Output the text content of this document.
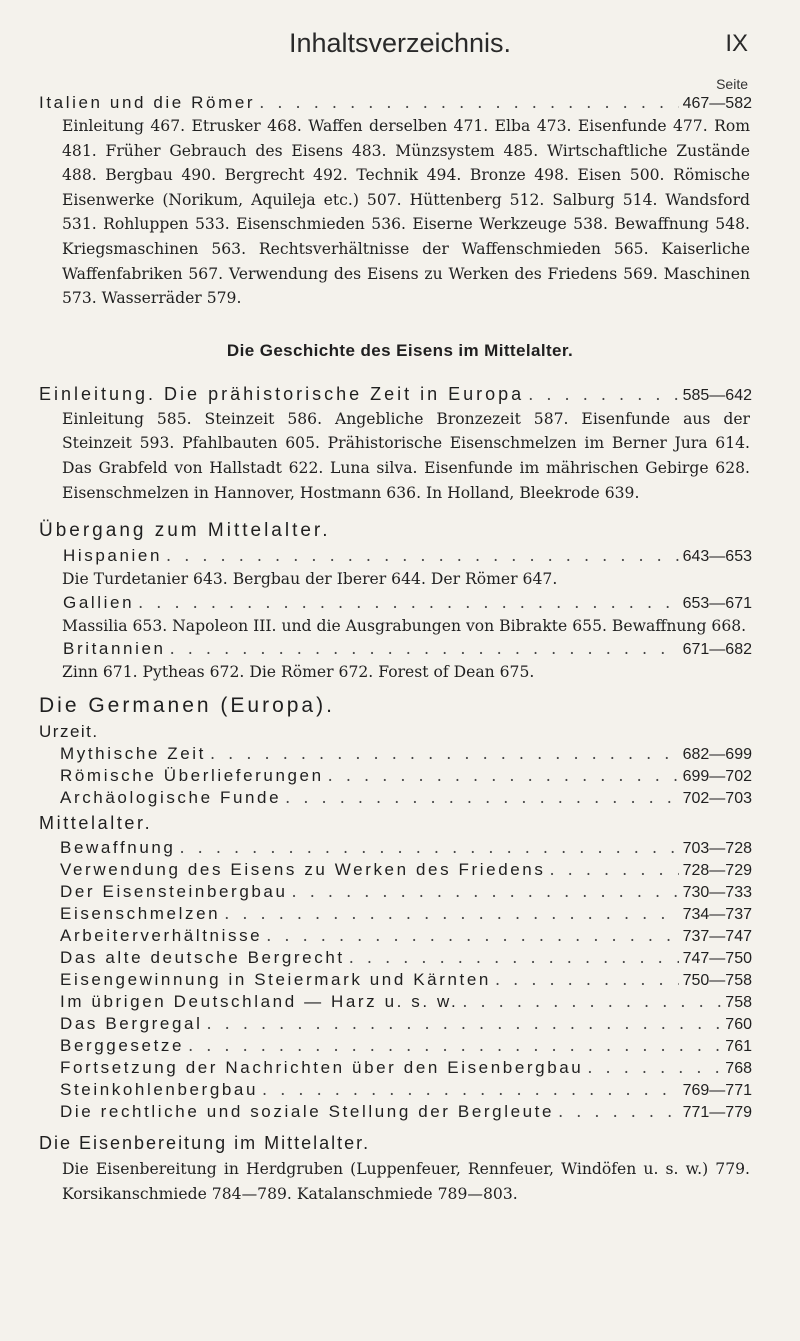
Inhaltsverzeichnis.	IX
Seite
Italien und die Römer . . .	467—582
Einleitung 467. Etrusker 468. Waffen derselben 471. Elba 473. Eisenfunde 477. Rom 481. Früher Gebrauch des Eisens 483. Münzsystem 485. Wirtschaftliche Zustände 488. Bergbau 490. Bergrecht 492. Technik 494. Bronze 498. Eisen 500. Römische Eisenwerke (Norikum, Aquileja etc.) 507. Hüttenberg 512. Salburg 514. Wandsford 531. Rohluppen 533. Eisenschmieden 536. Eiserne Werkzeuge 538. Bewaffnung 548. Kriegsmaschinen 563. Rechtsverhältnisse der Waffenschmieden 565. Kaiserliche Waffenfabriken 567. Verwendung des Eisens zu Werken des Friedens 569. Maschinen 573. Wasserräder 579.
Die Geschichte des Eisens im Mittelalter.
Einleitung. Die prähistorische Zeit in Europa . . .	585—642
Einleitung 585. Steinzeit 586. Angebliche Bronzezeit 587. Eisenfunde aus der Steinzeit 593. Pfahlbauten 605. Prähistorische Eisenschmelzen im Berner Jura 614. Das Grabfeld von Hallstadt 622. Luna silva. Eisenfunde im mährischen Gebirge 628. Eisenschmelzen in Hannover, Hostmann 636. In Holland, Bleekrode 639.
Übergang zum Mittelalter.
Hispanien . . .	643—653
Die Turdetanier 643. Bergbau der Iberer 644. Der Römer 647.
Gallien . . .	653—671
Massilia 653. Napoleon III. und die Ausgrabungen von Bibrakte 655. Bewaffnung 668.
Britannien . . .	671—682
Zinn 671. Pytheas 672. Die Römer 672. Forest of Dean 675.
Die Germanen (Europa).
Urzeit.
Mythische Zeit . . .	682—699
Römische Überlieferungen . . .	699—702
Archäologische Funde . . .	702—703
Mittelalter.
Bewaffnung . . .	703—728
Verwendung des Eisens zu Werken des Friedens . . .	728—729
Der Eisensteinbergbau . . .	730—733
Eisenschmelzen . . .	734—737
Arbeiterverhältnisse . . .	737—747
Das alte deutsche Bergrecht . . .	747—750
Eisengewinnung in Steiermark und Kärnten . . .	750—758
Im übrigen Deutschland — Harz u. s. w. . . .	758
Das Bergregal . . .	760
Berggesetze . . .	761
Fortsetzung der Nachrichten über den Eisenbergbau . . .	768
Steinkohlenbergbau . . .	769—771
Die rechtliche und soziale Stellung der Bergleute . . .	771—779
Die Eisenbereitung im Mittelalter.
Die Eisenbereitung in Herdgruben (Luppenfeuer, Rennfeuer, Windöfen u. s. w.) 779. Korsikanschmiede 784—789. Katalanschmiede 789—803.
